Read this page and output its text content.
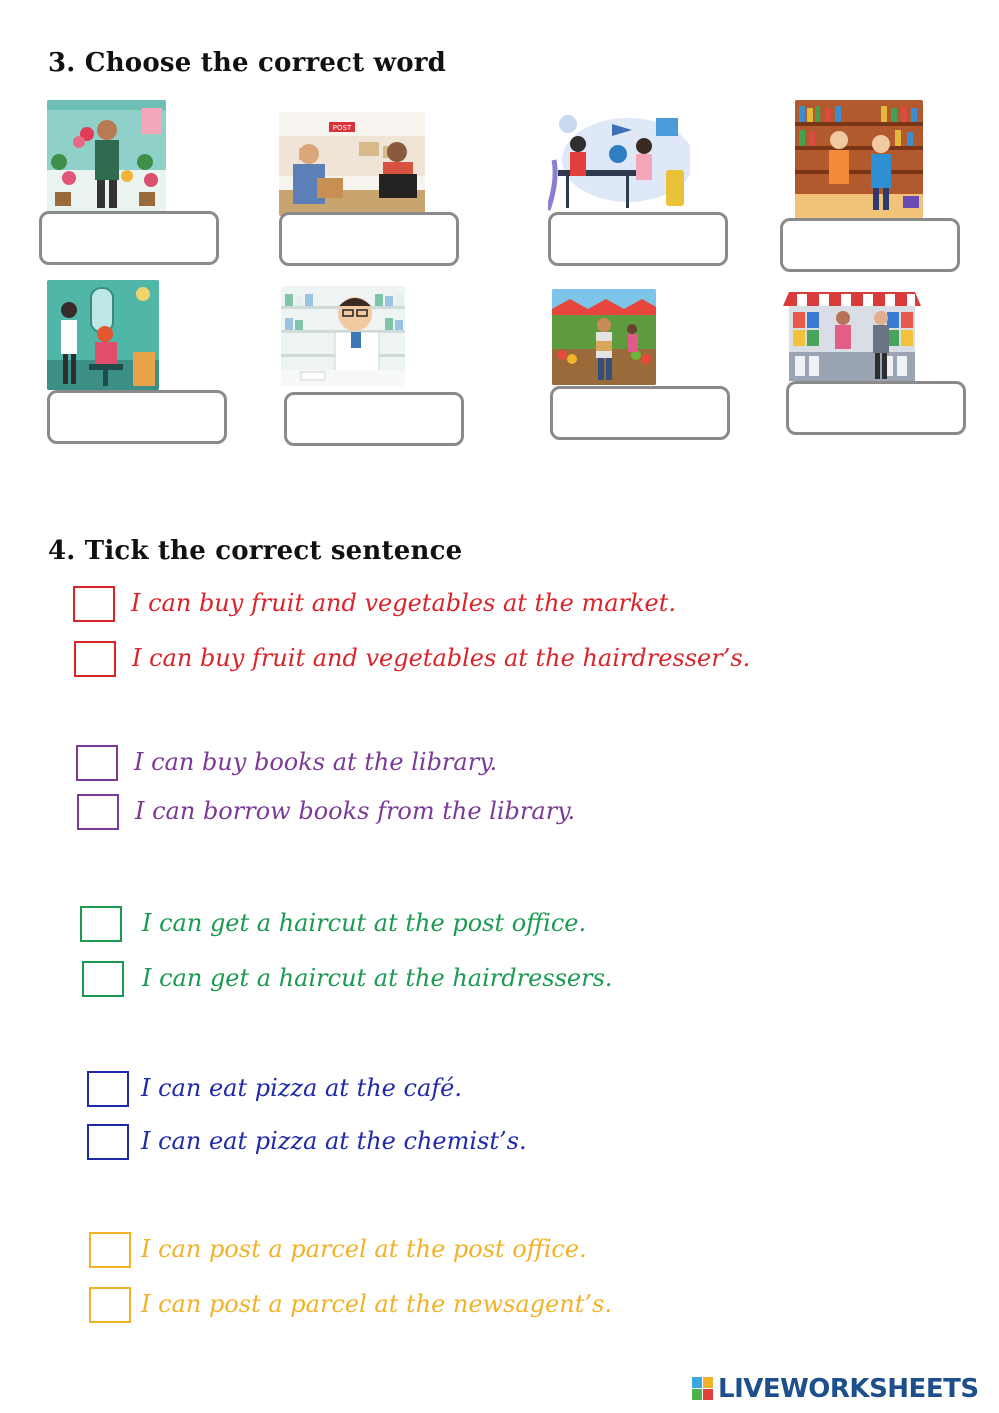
3. Choose the correct word
POST
4. Tick the correct sentence
I can buy fruit and vegetables at the market.
I can buy fruit and vegetables at the hairdresser’s.
I can buy books at the library.
I can borrow books from the library.
I can get a haircut at the post office.
I can get a haircut at the hairdressers.
I can eat pizza at the café.
I can eat pizza at the chemist’s.
I can post a parcel at the post office.
I can post a parcel at the newsagent’s.
LIVEWORKSHEETS
